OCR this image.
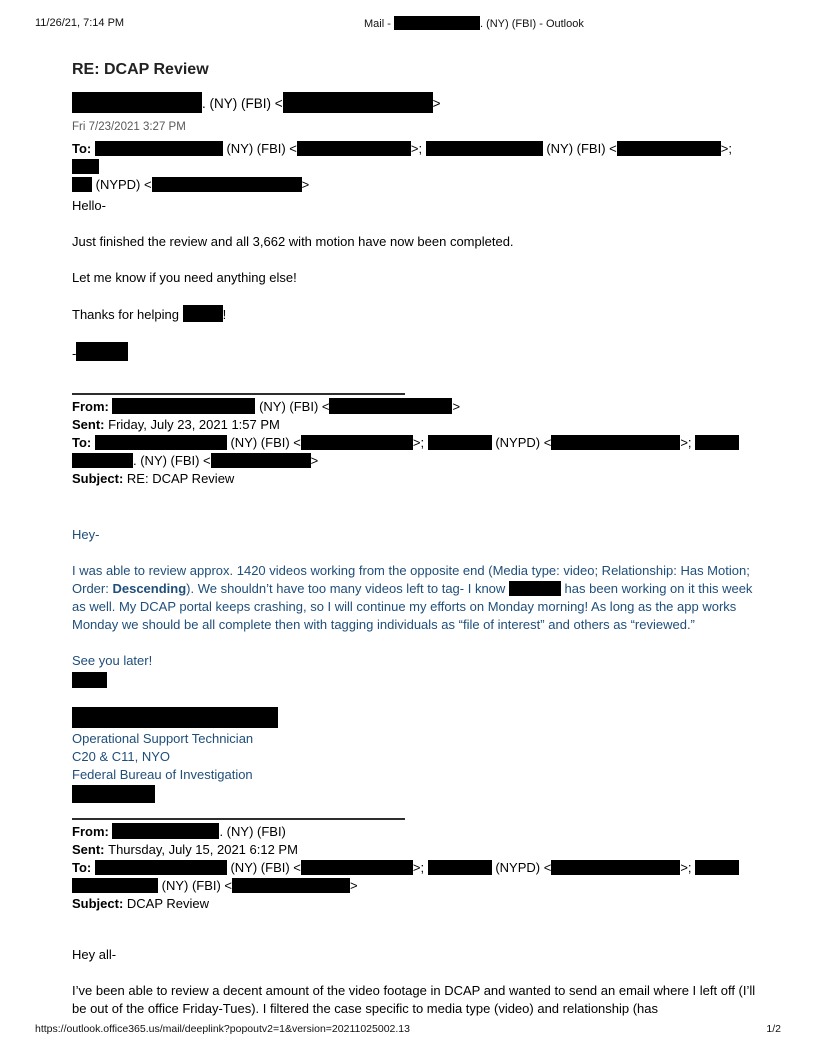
11/26/21, 7:14 PM	Mail -	. (NY) (FBI) - Outlook
RE: DCAP Review
. (NY) (FBI) <	>
Fri 7/23/2021 3:27 PM
To:	(NY) (FBI) <	>;	(NY) (FBI) <	>;
(NYPD) <	>
Hello-
Just finished the review and all 3,662 with motion have now been completed.
Let me know if you need anything else!
Thanks for helping	!
-
From:	(NY) (FBI) <	>
Sent: Friday, July 23, 2021 1:57 PM
To:	(NY) (FBI) <	>;	(NYPD) <	>;
. (NY) (FBI) <	>
Subject: RE: DCAP Review
Hey-
I was able to review approx. 1420 videos working from the opposite end (Media type: video; Relationship: Has Motion; Order: Descending). We shouldn’t have too many videos left to tag- I know	has been working on it this week as well. My DCAP portal keeps crashing, so I will continue my efforts on Monday morning! As long as the app works Monday we should be all complete then with tagging individuals as “file of interest” and others as “reviewed.”
See you later!
Operational Support Technician
C20 & C11, NYO
Federal Bureau of Investigation
From:	. (NY) (FBI)
Sent: Thursday, July 15, 2021 6:12 PM
To:	(NY) (FBI) <	>;	(NYPD) <	>;
(NY) (FBI) <	>
Subject: DCAP Review
Hey all-
I’ve been able to review a decent amount of the video footage in DCAP and wanted to send an email where I left off (I’ll be out of the office Friday-Tues). I filtered the case specific to media type (video) and relationship (has
https://outlook.office365.us/mail/deeplink?popoutv2=1&version=20211025002.13	1/2
